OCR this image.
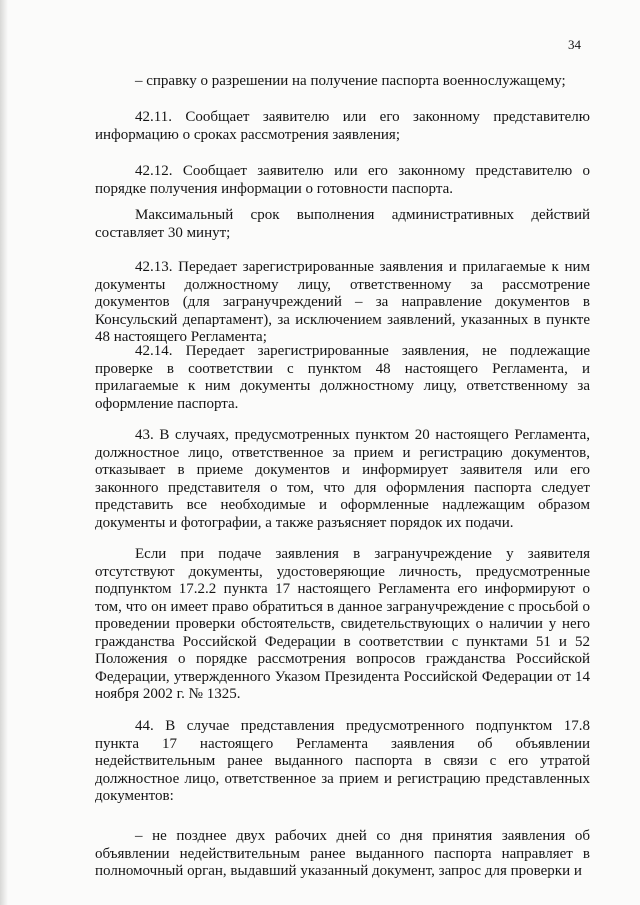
34

– справку о разрешении на получение паспорта военнослужащему;

42.11. Сообщает заявителю или его законному представителю информацию о сроках рассмотрения заявления;

42.12. Сообщает заявителю или его законному представителю о порядке получения информации о готовности паспорта.

Максимальный срок выполнения административных действий составляет 30 минут;

42.13. Передает зарегистрированные заявления и прилагаемые к ним документы должностному лицу, ответственному за рассмотрение документов (для загранучреждений – за направление документов в Консульский департамент), за исключением заявлений, указанных в пункте 48 настоящего Регламента;

42.14. Передает зарегистрированные заявления, не подлежащие проверке в соответствии с пунктом 48 настоящего Регламента, и прилагаемые к ним документы должностному лицу, ответственному за оформление паспорта.

43. В случаях, предусмотренных пунктом 20 настоящего Регламента, должностное лицо, ответственное за прием и регистрацию документов, отказывает в приеме документов и информирует заявителя или его законного представителя о том, что для оформления паспорта следует представить все необходимые и оформленные надлежащим образом документы и фотографии, а также разъясняет порядок их подачи.

Если при подаче заявления в загранучреждение у заявителя отсутствуют документы, удостоверяющие личность, предусмотренные подпунктом 17.2.2 пункта 17 настоящего Регламента его информируют о том, что он имеет право обратиться в данное загранучреждение с просьбой о проведении проверки обстоятельств, свидетельствующих о наличии у него гражданства Российской Федерации в соответствии с пунктами 51 и 52 Положения о порядке рассмотрения вопросов гражданства Российской Федерации, утвержденного Указом Президента Российской Федерации от 14 ноября 2002 г. № 1325.

44. В случае представления предусмотренного подпунктом 17.8 пункта 17 настоящего Регламента заявления об объявлении недействительным ранее выданного паспорта в связи с его утратой должностное лицо, ответственное за прием и регистрацию представленных документов:

– не позднее двух рабочих дней со дня принятия заявления об объявлении недействительным ранее выданного паспорта направляет в полномочный орган, выдавший указанный документ, запрос для проверки и
